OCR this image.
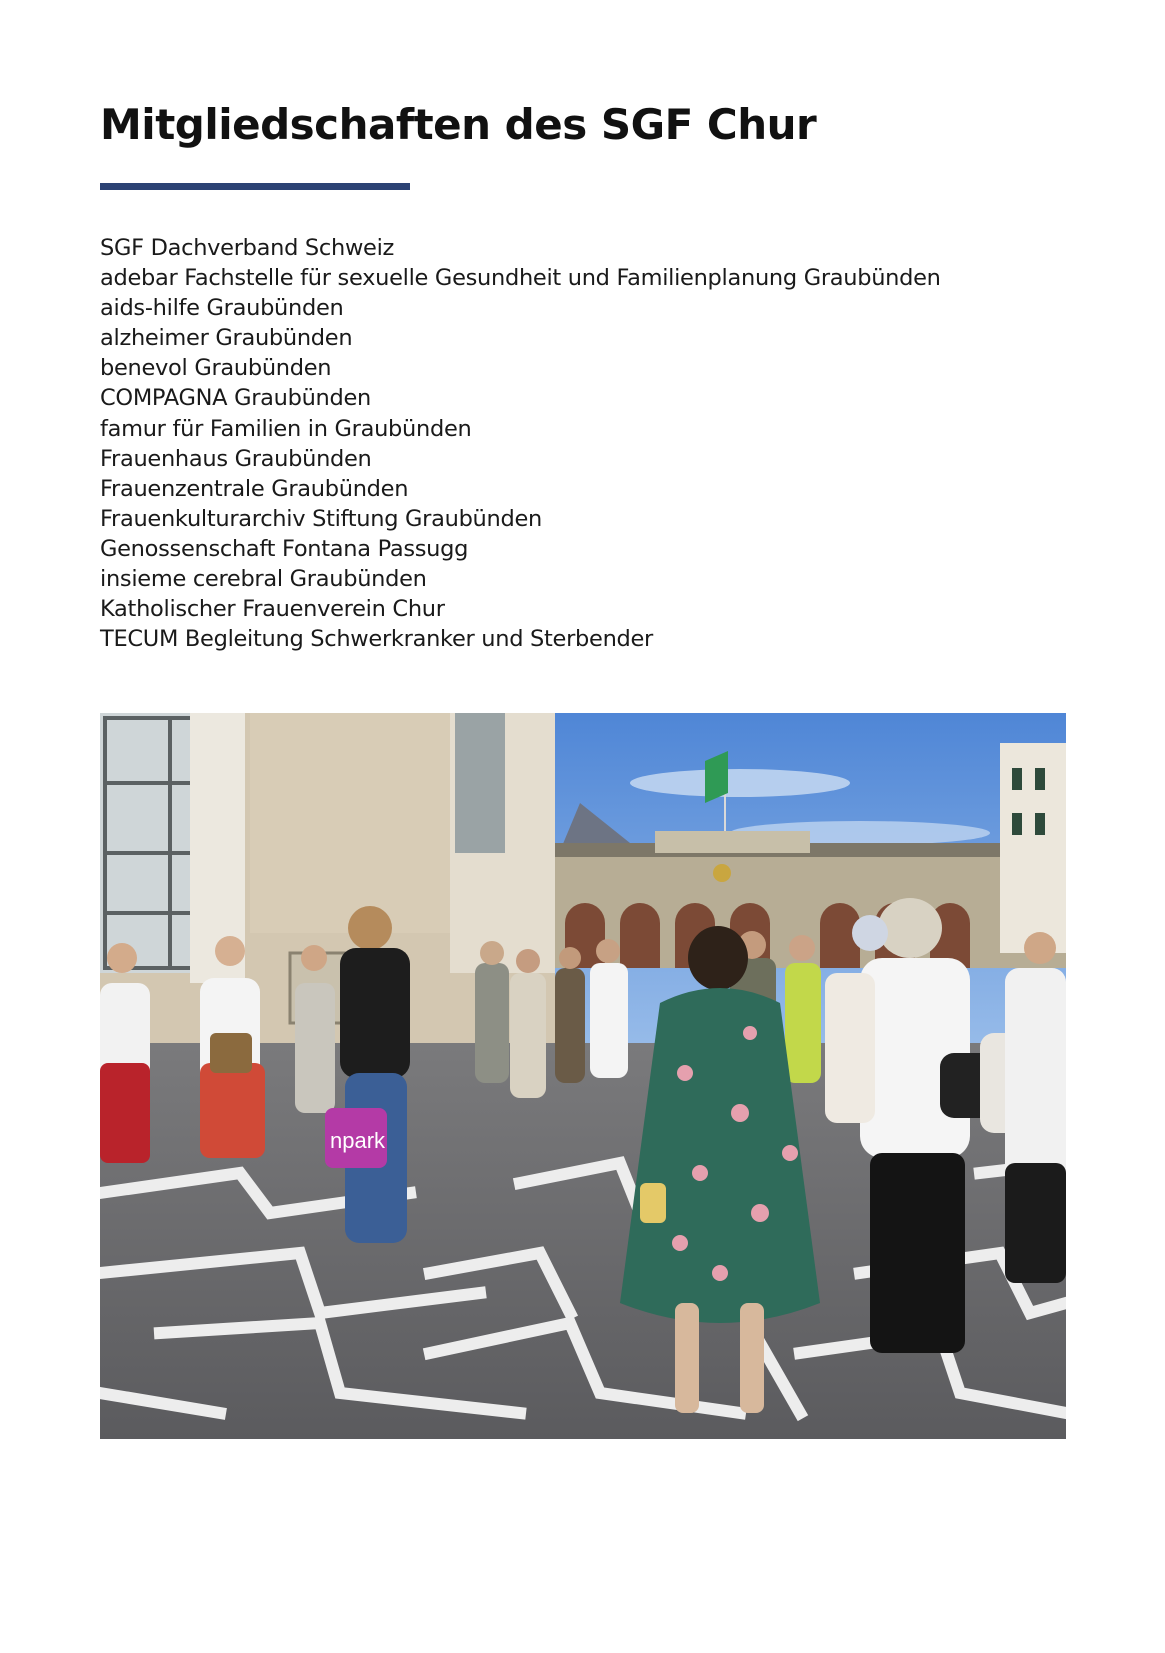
Mitgliedschaften des SGF Chur
SGF Dachverband Schweiz
adebar Fachstelle für sexuelle Gesundheit und Familienplanung Graubünden
aids-hilfe Graubünden
alzheimer Graubünden
benevol Graubünden
COMPAGNA Graubünden
famur für Familien in Graubünden
Frauenhaus Graubünden
Frauenzentrale Graubünden
Frauenkulturarchiv Stiftung Graubünden
Genossenschaft Fontana Passugg
insieme cerebral Graubünden
Katholischer Frauenverein Chur
TECUM Begleitung Schwerkranker und Sterbender
npark
